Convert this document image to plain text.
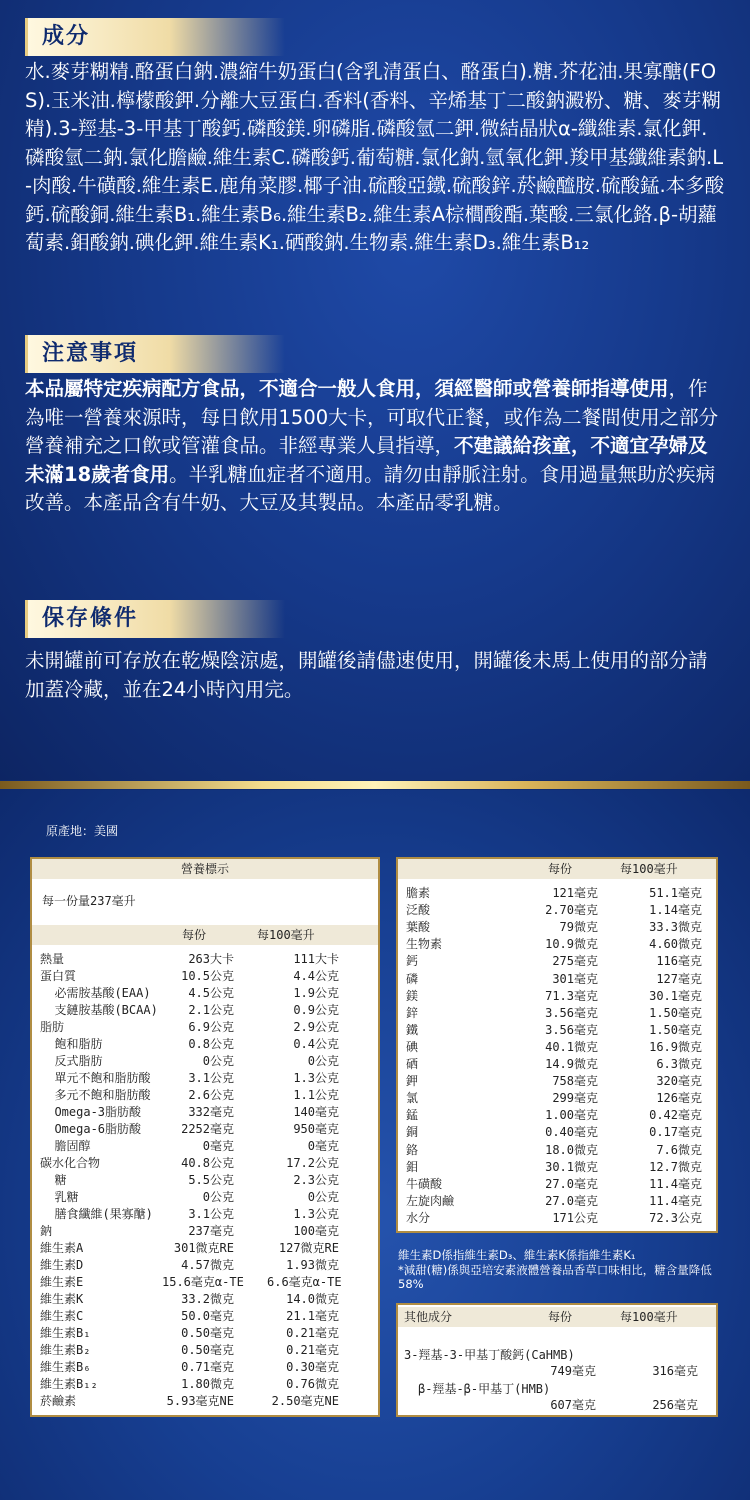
成分
水.麥芽糊精.酪蛋白鈉.濃縮牛奶蛋白(含乳清蛋白、酪蛋白).糖.芥花油.果寡醣(FOS).玉米油.檸檬酸鉀.分離大豆蛋白.香料(香料、辛烯基丁二酸鈉澱粉、糖、麥芽糊精).3-羥基-3-甲基丁酸鈣.磷酸鎂.卵磷脂.磷酸氫二鉀.微結晶狀α-纖維素.氯化鉀.磷酸氫二鈉.氯化膽鹼.維生素C.磷酸鈣.葡萄糖.氯化鈉.氫氧化鉀.羧甲基纖維素鈉.L-肉酸.牛磺酸.維生素E.鹿角菜膠.椰子油.硫酸亞鐵.硫酸鋅.菸鹼醯胺.硫酸錳.本多酸鈣.硫酸銅.維生素B₁.維生素B₆.維生素B₂.維生素A棕櫚酸酯.葉酸.三氯化鉻.β-胡蘿蔔素.鉬酸鈉.碘化鉀.維生素K₁.硒酸鈉.生物素.維生素D₃.維生素B₁₂
注意事項
本品屬特定疾病配方食品，不適合一般人食用，須經醫師或營養師指導使用，作為唯一營養來源時，每日飲用1500大卡，可取代正餐，或作為二餐間使用之部分營養補充之口飲或管灌食品。非經專業人員指導，不建議給孩童，不適宜孕婦及未滿18歲者食用。半乳糖血症者不適用。請勿由靜脈注射。食用過量無助於疾病改善。本產品含有牛奶、大豆及其製品。本產品零乳糖。
保存條件
未開罐前可存放在乾燥陰涼處，開罐後請儘速使用，開罐後未馬上使用的部分請加蓋冷藏，並在24小時內用完。
原產地：美國
營養標示
每一份量237毫升
每份	每100毫升
熱量	263大卡	111大卡
蛋白質	10.5公克	4.4公克
必需胺基酸(EAA)	4.5公克	1.9公克
支鏈胺基酸(BCAA)	2.1公克	0.9公克
脂肪	6.9公克	2.9公克
飽和脂肪	0.8公克	0.4公克
反式脂肪	0公克	0公克
單元不飽和脂肪酸	3.1公克	1.3公克
多元不飽和脂肪酸	2.6公克	1.1公克
Omega-3脂肪酸	332毫克	140毫克
Omega-6脂肪酸	2252毫克	950毫克
膽固醇	0毫克	0毫克
碳水化合物	40.8公克	17.2公克
糖	5.5公克	2.3公克
乳糖	0公克	0公克
膳食纖維(果寡醣)	3.1公克	1.3公克
鈉	237毫克	100毫克
維生素A	301微克RE	127微克RE
維生素D	4.57微克	1.93微克
維生素E	15.6毫克α-TE 6.6毫克α-TE
維生素K	33.2微克	14.0微克
維生素C	50.0毫克	21.1毫克
維生素B₁	0.50毫克	0.21毫克
維生素B₂	0.50毫克	0.21毫克
維生素B₆	0.71毫克	0.30毫克
維生素B₁₂	1.80微克	0.76微克
菸鹼素	5.93毫克NE	2.50毫克NE
每份	每100毫升
膽素	121毫克	51.1毫克
泛酸	2.70毫克	1.14毫克
葉酸	79微克	33.3微克
生物素	10.9微克	4.60微克
鈣	275毫克	116毫克
磷	301毫克	127毫克
鎂	71.3毫克	30.1毫克
鋅	3.56毫克	1.50毫克
鐵	3.56毫克	1.50毫克
碘	40.1微克	16.9微克
硒	14.9微克	6.3微克
鉀	758毫克	320毫克
氯	299毫克	126毫克
錳	1.00毫克	0.42毫克
銅	0.40毫克	0.17毫克
鉻	18.0微克	7.6微克
鉬	30.1微克	12.7微克
牛磺酸	27.0毫克	11.4毫克
左旋肉鹼	27.0毫克	11.4毫克
水分	171公克	72.3公克
維生素D係指維生素D₃、維生素K係指維生素K₁
*減甜(糖)係與亞培安素液體營養品香草口味相比，糖含量降低58%
其他成分	每份	每100毫升
3-羥基-3-甲基丁酸鈣(CaHMB)
749毫克	316毫克
β-羥基-β-甲基丁(HMB)
607毫克	256毫克
